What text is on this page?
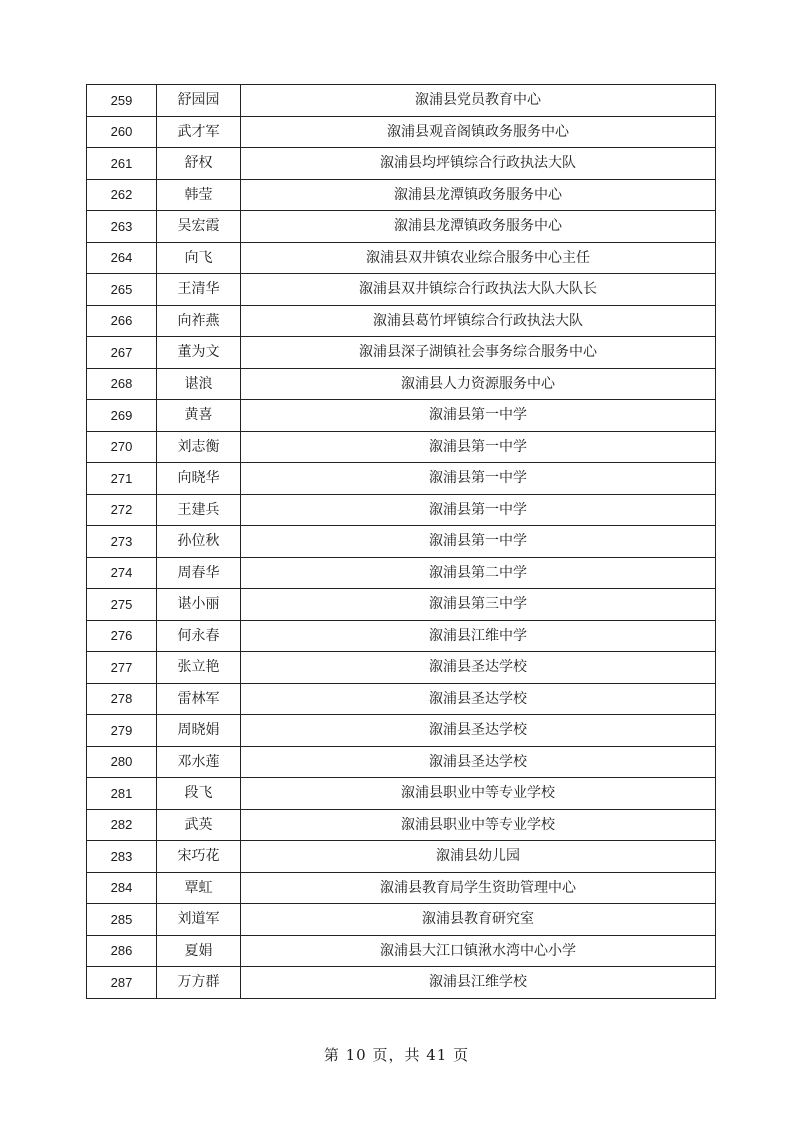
259	舒园园	溆浦县党员教育中心
260	武才军	溆浦县观音阁镇政务服务中心
261	舒权	溆浦县均坪镇综合行政执法大队
262	韩莹	溆浦县龙潭镇政务服务中心
263	吴宏霞	溆浦县龙潭镇政务服务中心
264	向飞	溆浦县双井镇农业综合服务中心主任
265	王清华	溆浦县双井镇综合行政执法大队大队长
266	向祚燕	溆浦县葛竹坪镇综合行政执法大队
267	董为文	溆浦县深子湖镇社会事务综合服务中心
268	谌浪	溆浦县人力资源服务中心
269	黄喜	溆浦县第一中学
270	刘志衡	溆浦县第一中学
271	向晓华	溆浦县第一中学
272	王建兵	溆浦县第一中学
273	孙位秋	溆浦县第一中学
274	周春华	溆浦县第二中学
275	谌小丽	溆浦县第三中学
276	何永春	溆浦县江维中学
277	张立艳	溆浦县圣达学校
278	雷林军	溆浦县圣达学校
279	周晓娟	溆浦县圣达学校
280	邓水莲	溆浦县圣达学校
281	段飞	溆浦县职业中等专业学校
282	武英	溆浦县职业中等专业学校
283	宋巧花	溆浦县幼儿园
284	覃虹	溆浦县教育局学生资助管理中心
285	刘道军	溆浦县教育研究室
286	夏娟	溆浦县大江口镇湫水湾中心小学
287	万方群	溆浦县江维学校
第 10 页，共 41 页
